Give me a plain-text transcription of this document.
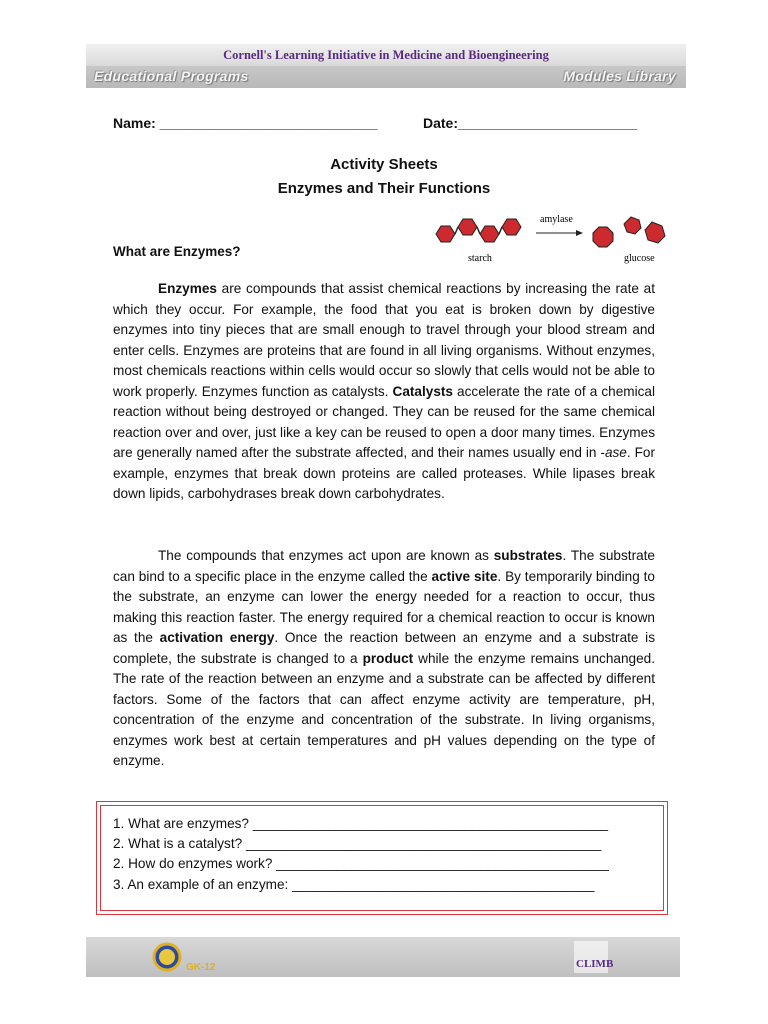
Cornell's Learning Initiative in Medicine and Bioengineering
Educational Programs	Modules Library
Name: ____________________________	Date:_______________________
Activity Sheets
Enzymes and Their Functions
starch
amylase
glucose
What are Enzymes?

Enzymes are compounds that assist chemical reactions by increasing the rate at which they occur. For example, the food that you eat is broken down by digestive enzymes into tiny pieces that are small enough to travel through your blood stream and enter cells. Enzymes are proteins that are found in all living organisms. Without enzymes, most chemicals reactions within cells would occur so slowly that cells would not be able to work properly. Enzymes function as catalysts. Catalysts accelerate the rate of a chemical reaction without being destroyed or changed. They can be reused for the same chemical reaction over and over, just like a key can be reused to open a door many times. Enzymes are generally named after the substrate affected, and their names usually end in -ase. For example, enzymes that break down proteins are called proteases. While lipases break down lipids, carbohydrases break down carbohydrates.

The compounds that enzymes act upon are known as substrates. The substrate can bind to a specific place in the enzyme called the active site. By temporarily binding to the substrate, an enzyme can lower the energy needed for a reaction to occur, thus making this reaction faster. The energy required for a chemical reaction to occur is known as the activation energy. Once the reaction between an enzyme and a substrate is complete, the substrate is changed to a product while the enzyme remains unchanged. The rate of the reaction between an enzyme and a substrate can be affected by different factors. Some of the factors that can affect enzyme activity are temperature, pH, concentration of the enzyme and concentration of the substrate. In living organisms, enzymes work best at certain temperatures and pH values depending on the type of enzyme.

1. What are enzymes? _______________________________________________
2. What is a catalyst? _______________________________________________
2. How do enzymes work? ____________________________________________
3. An example of an enzyme: ________________________________________
GK-12	CLIMB
